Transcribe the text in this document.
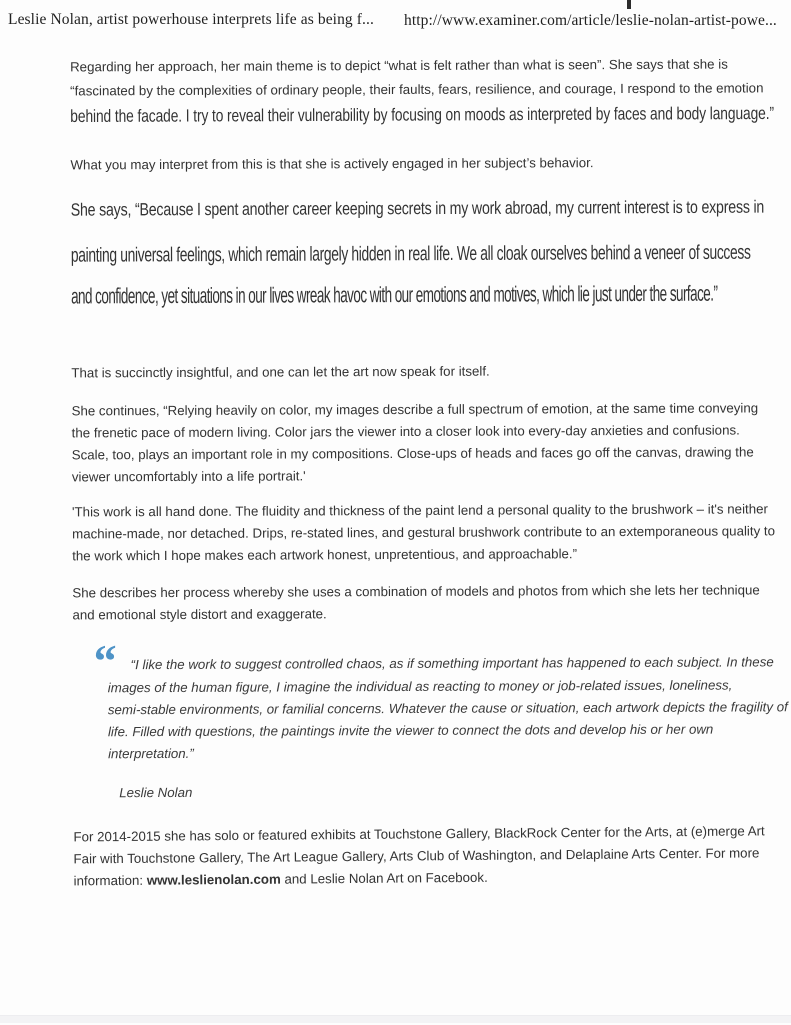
Leslie Nolan, artist powerhouse interprets life as being f... http://www.examiner.com/article/leslie-nolan-artist-powe...
Regarding her approach, her main theme is to depict “what is felt rather than what is seen”. She says that she is
“fascinated by the complexities of ordinary people, their faults, fears, resilience, and courage, I respond to the emotion
behind the facade. I try to reveal their vulnerability by focusing on moods as interpreted by faces and body language.”
What you may interpret from this is that she is actively engaged in her subject’s behavior.
She says, “Because I spent another career keeping secrets in my work abroad, my current interest is to express in
painting universal feelings, which remain largely hidden in real life. We all cloak ourselves behind a veneer of success
and confidence, yet situations in our lives wreak havoc with our emotions and motives, which lie just under the surface.”
That is succinctly insightful, and one can let the art now speak for itself.
She continues, “Relying heavily on color, my images describe a full spectrum of emotion, at the same time conveying
the frenetic pace of modern living. Color jars the viewer into a closer look into every-day anxieties and confusions.
Scale, too, plays an important role in my compositions. Close-ups of heads and faces go off the canvas, drawing the
viewer uncomfortably into a life portrait.'
'This work is all hand done. The fluidity and thickness of the paint lend a personal quality to the brushwork – it's neither
machine-made, nor detached. Drips, re-stated lines, and gestural brushwork contribute to an extemporaneous quality to
the work which I hope makes each artwork honest, unpretentious, and approachable.”
She describes her process whereby she uses a combination of models and photos from which she lets her technique
and emotional style distort and exaggerate.
“ “I like the work to suggest controlled chaos, as if something important has happened to each subject. In these
images of the human figure, I imagine the individual as reacting to money or job-related issues, loneliness,
semi-stable environments, or familial concerns. Whatever the cause or situation, each artwork depicts the fragility of
life. Filled with questions, the paintings invite the viewer to connect the dots and develop his or her own
interpretation.”
Leslie Nolan
For 2014-2015 she has solo or featured exhibits at Touchstone Gallery, BlackRock Center for the Arts, at (e)merge Art
Fair with Touchstone Gallery, The Art League Gallery, Arts Club of Washington, and Delaplaine Arts Center. For more
information: www.leslienolan.com and Leslie Nolan Art on Facebook.
